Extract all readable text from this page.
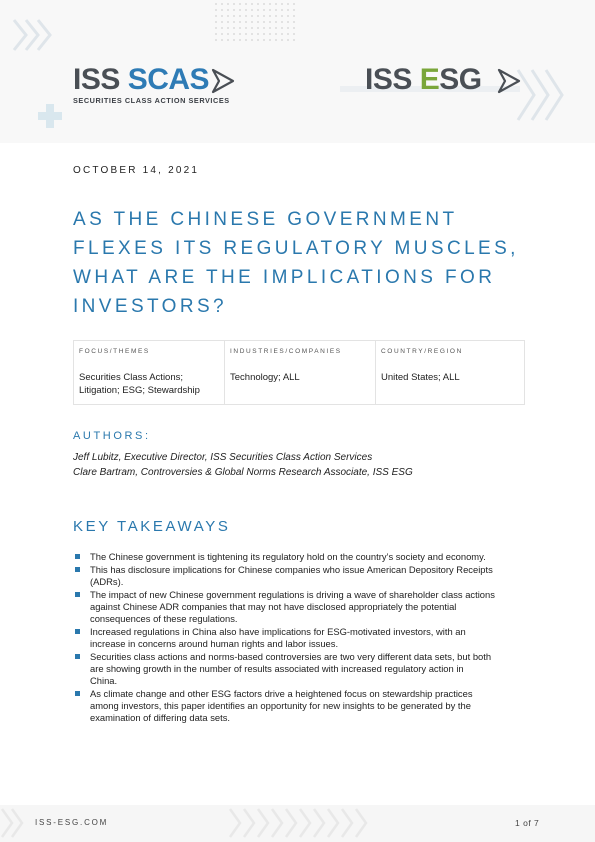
ISS SCAS
SECURITIES CLASS ACTION SERVICES
ISS ESG
OCTOBER 14, 2021
AS THE CHINESE GOVERNMENT
FLEXES ITS REGULATORY MUSCLES,
WHAT ARE THE IMPLICATIONS FOR
INVESTORS?
FOCUS/THEMES
Securities Class Actions;
Litigation; ESG; Stewardship
INDUSTRIES/COMPANIES
Technology; ALL
COUNTRY/REGION
United States; ALL
AUTHORS:
Jeff Lubitz, Executive Director, ISS Securities Class Action Services
Clare Bartram, Controversies & Global Norms Research Associate, ISS ESG
KEY TAKEAWAYS
The Chinese government is tightening its regulatory hold on the country’s society and economy.
This has disclosure implications for Chinese companies who issue American Depository Receipts
(ADRs).
The impact of new Chinese government regulations is driving a wave of shareholder class actions
against Chinese ADR companies that may not have disclosed appropriately the potential
consequences of these regulations.
Increased regulations in China also have implications for ESG-motivated investors, with an
increase in concerns around human rights and labor issues.
Securities class actions and norms-based controversies are two very different data sets, but both
are showing growth in the number of results associated with increased regulatory action in
China.
As climate change and other ESG factors drive a heightened focus on stewardship practices
among investors, this paper identifies an opportunity for new insights to be generated by the
examination of differing data sets.
ISS-ESG.COM	1 of 7
